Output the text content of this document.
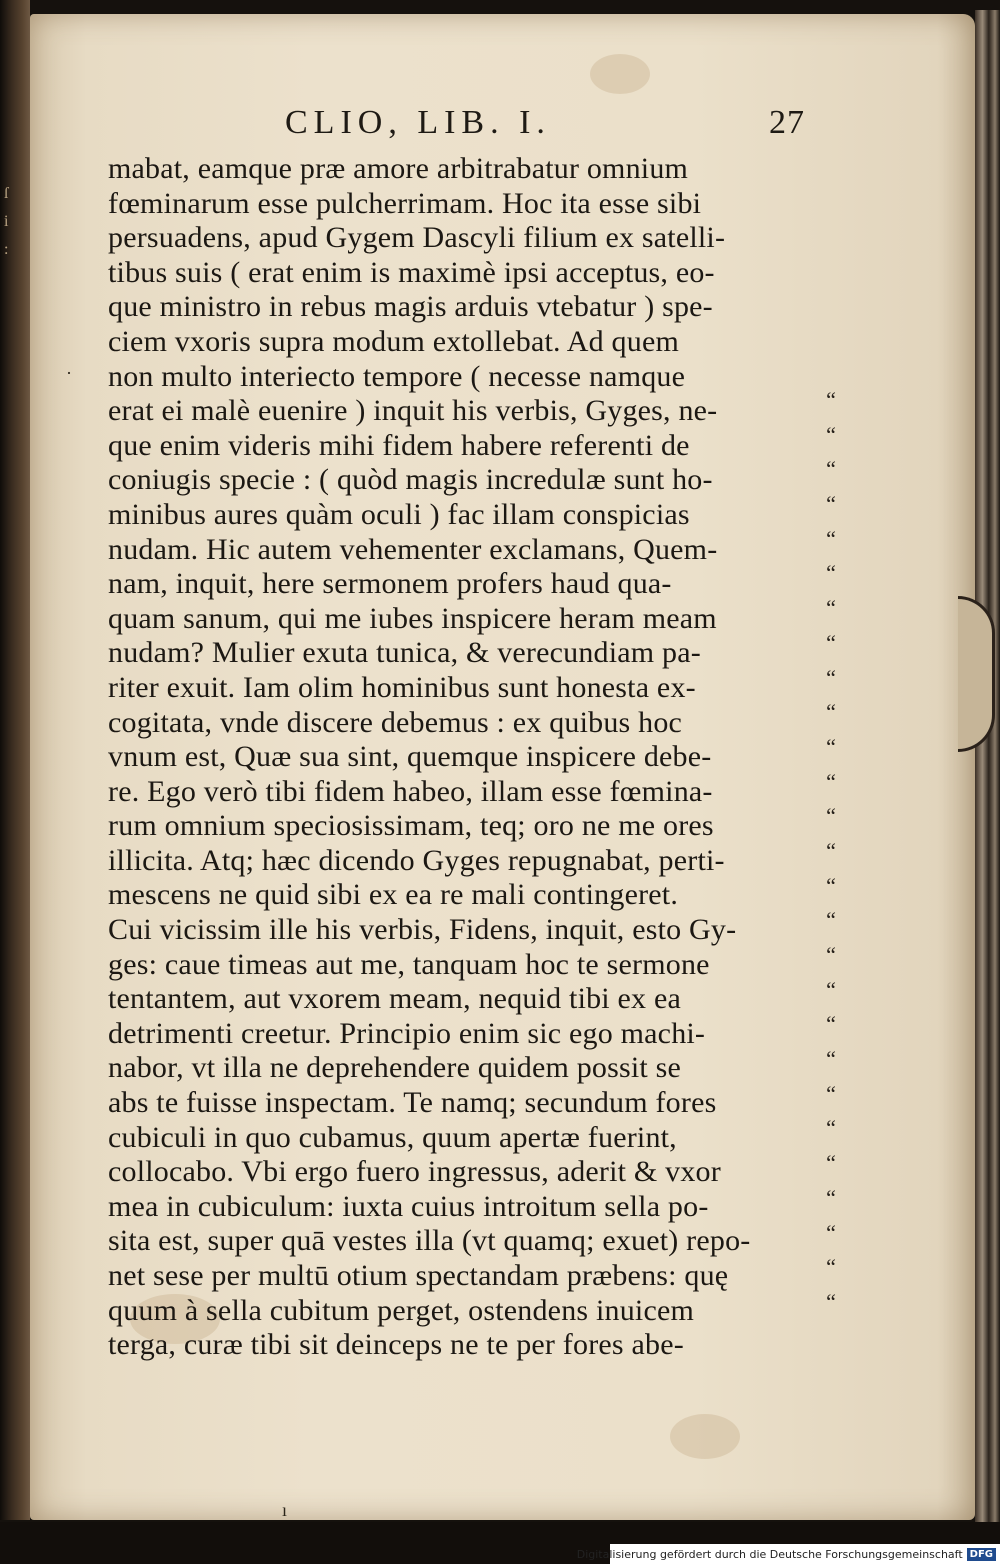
ſ
i
:
CLIO, LIB. I.	27
mabat, eamque præ amore arbitrabatur omnium
fœminarum esse pulcherrimam. Hoc ita esse sibi
persuadens, apud Gygem Dascyli filium ex satelli-
tibus suis ( erat enim is maximè ipsi acceptus, eo-
que ministro in rebus magis arduis vtebatur ) spe-
ciem vxoris supra modum extollebat. Ad quem
non multo interiecto tempore ( necesse namque
erat ei malè euenire ) inquit his verbis, Gyges, ne-
que enim videris mihi fidem habere referenti de
coniugis specie : ( quòd magis incredulæ sunt ho-
minibus aures quàm oculi ) fac illam conspicias
nudam. Hic autem vehementer exclamans, Quem-
nam, inquit, here sermonem profers haud qua-
quam sanum, qui me iubes inspicere heram meam
nudam? Mulier exuta tunica, & verecundiam pa-
riter exuit. Iam olim hominibus sunt honesta ex-
cogitata, vnde discere debemus : ex quibus hoc
vnum est, Quæ sua sint, quemque inspicere debe-
re. Ego verò tibi fidem habeo, illam esse fœmina-
rum omnium speciosissimam, teq; oro ne me ores
illicita. Atq; hæc dicendo Gyges repugnabat, perti-
mescens ne quid sibi ex ea re mali contingeret.
Cui vicissim ille his verbis, Fidens, inquit, esto Gy-
ges: caue timeas aut me, tanquam hoc te sermone
tentantem, aut vxorem meam, nequid tibi ex ea
detrimenti creetur. Principio enim sic ego machi-
nabor, vt illa ne deprehendere quidem possit se
abs te fuisse inspectam. Te namq; secundum fores
cubiculi in quo cubamus, quum apertæ fuerint,
collocabo. Vbi ergo fuero ingressus, aderit & vxor
mea in cubiculum: iuxta cuius introitum sella po-
sita est, super quā vestes illa (vt quamq; exuet) repo-
net sese per multū otium spectandam præbens: quę
quum à sella cubitum perget, ostendens inuicem
terga, curæ tibi sit deinceps ne te per fores abe-
“
“
“
“
“
“
“
“
“
“
“
“
“
“
“
“
“
“
“
“
“
“
“
“
“
“
“
·
ı
Digitalisierung gefördert durch die Deutsche Forschungsgemeinschaft DFG
